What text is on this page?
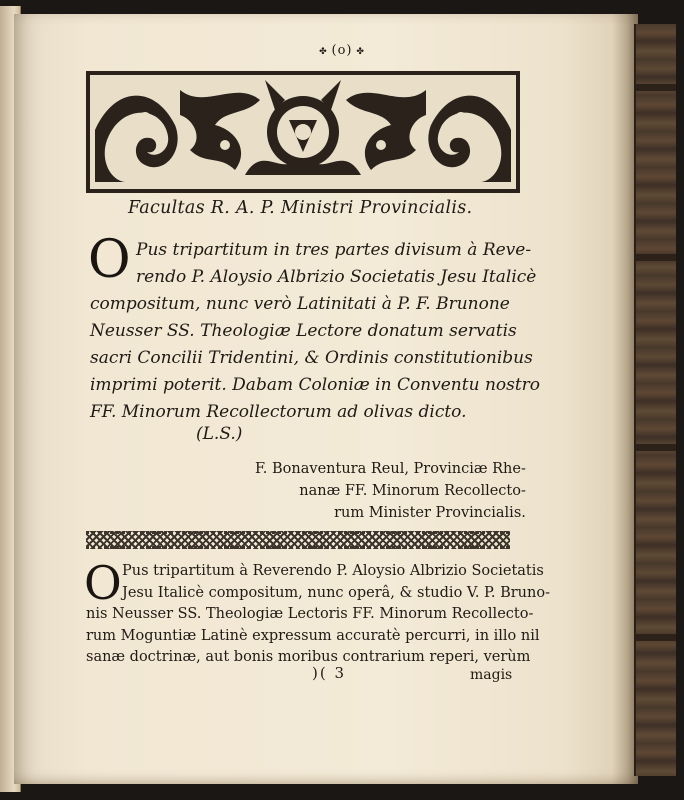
✤ (o) ✤
Facultas R. A. P. Ministri Provincialis.
O Pus tripartitum in tres partes divisum à Reve-
rendo P. Aloysio Albrizio Societatis Jesu Italicè
compositum, nunc verò Latinitati à P. F. Brunone
Neusser SS. Theologiæ Lectore donatum servatis
sacri Concilii Tridentini, & Ordinis constitutionibus
imprimi poterit. Dabam Coloniæ in Conventu nostro
FF. Minorum Recollectorum ad olivas dicto.
(L.S.)
F. Bonaventura Reul, Provinciæ Rhe-
nanæ FF. Minorum Recollecto-
rum Minister Provincialis.
O Pus tripartitum à Reverendo P. Aloysio Albrizio Societatis
Jesu Italicè compositum, nunc operâ, & studio V. P. Bruno-
nis Neusser SS. Theologiæ Lectoris FF. Minorum Recollecto-
rum Moguntiæ Latinè expressum accuratè percurri, in illo nil
sanæ doctrinæ, aut bonis moribus contrarium reperi, verùm
)( 3	magis
